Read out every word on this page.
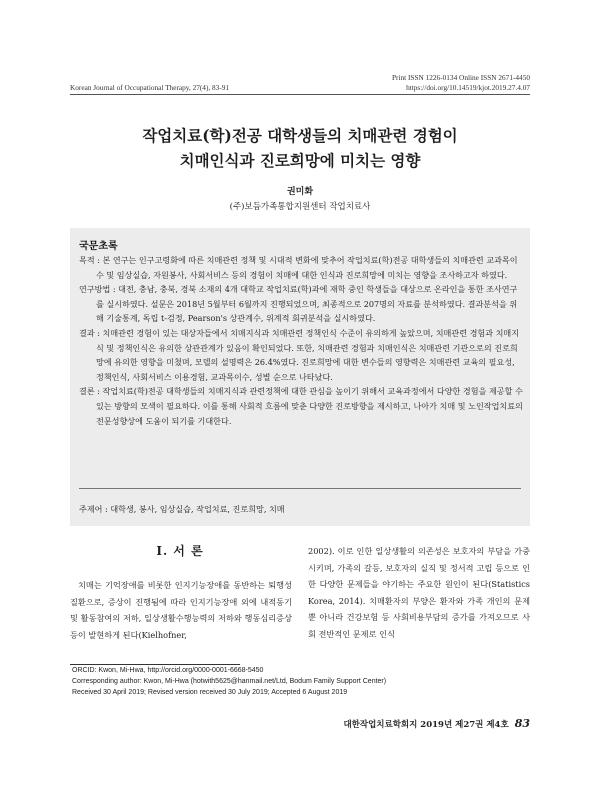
Korean Journal of Occupational Therapy, 27(4), 83-91
Print ISSN 1226-0134 Online ISSN 2671-4450
https://doi.org/10.14519/kjot.2019.27.4.07
작업치료(학)전공 대학생들의 치매관련 경험이
치매인식과 진로희망에 미치는 영향
권미화
(주)보듬가족통합지원센터 작업치료사
국문초록

목적 : 본 연구는 인구고령화에 따른 치매관련 정책 및 시대적 변화에 맞추어 작업치료(학)전공 대학생들의 치매관련 교과목이수 및 임상실습, 자원봉사, 사회서비스 등의 경험이 치매에 대한 인식과 진로희망에 미치는 영향을 조사하고자 하였다.

연구방법 : 대전, 충남, 충북, 경북 소재의 4개 대학교 작업치료(학)과에 재학 중인 학생들을 대상으로 온라인을 통한 조사연구를 실시하였다. 설문은 2018년 5월부터 6월까지 진행되었으며, 최종적으로 207명의 자료를 분석하였다. 결과분석을 위해 기술통계, 독립 t-검정, Pearson's 상관계수, 위계적 회귀분석을 실시하였다.

결과 : 치매관련 경험이 있는 대상자들에서 치매지식과 치매관련 정책인식 수준이 유의하게 높았으며, 치매관련 경험과 치매지식 및 정책인식은 유의한 상관관계가 있음이 확인되었다. 또한, 치매관련 경험과 치매인식은 치매관련 기관으로의 진로희망에 유의한 영향을 미쳤며, 모델의 설명력은 26.4%였다. 진로희망에 대한 변수들의 영향력은 치매관련 교육의 필요성, 정책인식, 사회서비스 이용경험, 교과목이수, 성별 순으로 나타났다.

결론 : 작업치료(학)전공 대학생들의 치매지식과 관련정책에 대한 관심을 높이기 위해서 교육과정에서 다양한 경험을 제공할 수 있는 방향의 모색이 필요하다. 이를 통해 사회적 흐름에 맞춘 다양한 진로방향을 제시하고, 나아가 치매 및 노인작업치료의 전문성향상에 도움이 되기를 기대한다.

주제어 : 대학생, 봉사, 임상실습, 작업치료, 진로희망, 치매
I. 서 론
치매는 기억장애를 비롯한 인지기능장애를 동반하는 퇴행성 질환으로, 증상이 진행됨에 따라 인지기능장애 외에 내적동기 및 활동참여의 저하, 일상생활수행능력의 저하와 행동심리증상 등이 발현하게 된다(Kielhofner,
2002). 이로 인한 일상생활의 의존성은 보호자의 부담을 가중시키며, 가족의 갈등, 보호자의 실직 및 정서적 고립 등으로 인한 다양한 문제들을 야기하는 주요한 원인이 된다(Statistics Korea, 2014). 치매환자의 부양은 환자와 가족 개인의 문제뿐 아니라 건강보험 등 사회비용부담의 증가를 가져오므로 사회 전반적인 문제로 인식
ORCID: Kwon, Mi-Hwa, http://orcid.org/0000-0001-6668-5450
Corresponding author: Kwon, Mi-Hwa (hotwith5625@hanmail.net/Ltd, Bodum Family Support Center)
Received 30 April 2019; Revised version received 30 July 2019; Accepted 6 August 2019
대한작업치료학회지 2019년 제27권 제4호 83
